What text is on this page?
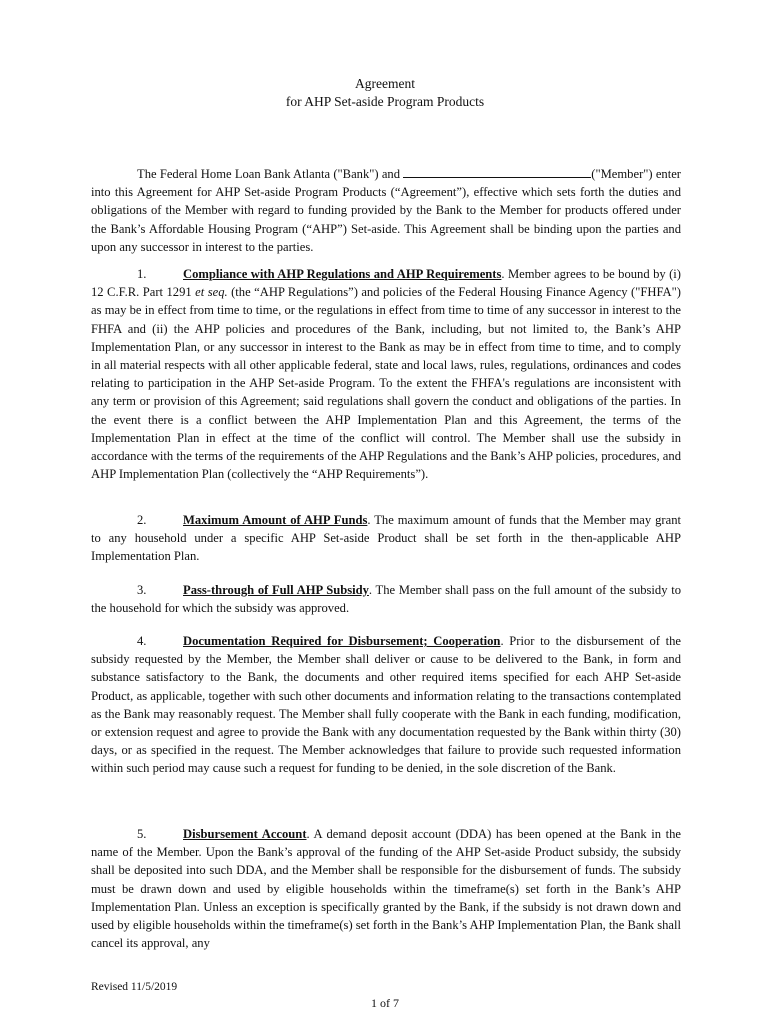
Agreement
for AHP Set-aside Program Products

The Federal Home Loan Bank Atlanta ("Bank") and	("Member") enter into this Agreement for AHP Set-aside Program Products (“Agreement”), effective which sets forth the duties and obligations of the Member with regard to funding provided by the Bank to the Member for products offered under the Bank’s Affordable Housing Program (“AHP”) Set-aside. This Agreement shall be binding upon the parties and upon any successor in interest to the parties.

1.	Compliance with AHP Regulations and AHP Requirements. Member agrees to be bound by (i) 12 C.F.R. Part 1291 et seq. (the “AHP Regulations”) and policies of the Federal Housing Finance Agency ("FHFA") as may be in effect from time to time, or the regulations in effect from time to time of any successor in interest to the FHFA and (ii) the AHP policies and procedures of the Bank, including, but not limited to, the Bank’s AHP Implementation Plan, or any successor in interest to the Bank as may be in effect from time to time, and to comply in all material respects with all other applicable federal, state and local laws, rules, regulations, ordinances and codes relating to participation in the AHP Set-aside Program. To the extent the FHFA's regulations are inconsistent with any term or provision of this Agreement; said regulations shall govern the conduct and obligations of the parties. In the event there is a conflict between the AHP Implementation Plan and this Agreement, the terms of the Implementation Plan in effect at the time of the conflict will control. The Member shall use the subsidy in accordance with the terms of the requirements of the AHP Regulations and the Bank’s AHP policies, procedures, and AHP Implementation Plan (collectively the “AHP Requirements”).

2.	Maximum Amount of AHP Funds. The maximum amount of funds that the Member may grant to any household under a specific AHP Set-aside Product shall be set forth in the then-applicable AHP Implementation Plan.

3.	Pass-through of Full AHP Subsidy. The Member shall pass on the full amount of the subsidy to the household for which the subsidy was approved.

4.	Documentation Required for Disbursement; Cooperation. Prior to the disbursement of the subsidy requested by the Member, the Member shall deliver or cause to be delivered to the Bank, in form and substance satisfactory to the Bank, the documents and other required items specified for each AHP Set-aside Product, as applicable, together with such other documents and information relating to the transactions contemplated as the Bank may reasonably request. The Member shall fully cooperate with the Bank in each funding, modification, or extension request and agree to provide the Bank with any documentation requested by the Bank within thirty (30) days, or as specified in the request. The Member acknowledges that failure to provide such requested information within such period may cause such a request for funding to be denied, in the sole discretion of the Bank.

5.	Disbursement Account. A demand deposit account (DDA) has been opened at the Bank in the name of the Member. Upon the Bank’s approval of the funding of the AHP Set-aside Product subsidy, the subsidy shall be deposited into such DDA, and the Member shall be responsible for the disbursement of funds. The subsidy must be drawn down and used by eligible households within the timeframe(s) set forth in the Bank’s AHP Implementation Plan. Unless an exception is specifically granted by the Bank, if the subsidy is not drawn down and used by eligible households within the timeframe(s) set forth in the Bank’s AHP Implementation Plan, the Bank shall cancel its approval, any

Revised 11/5/2019
1 of 7
